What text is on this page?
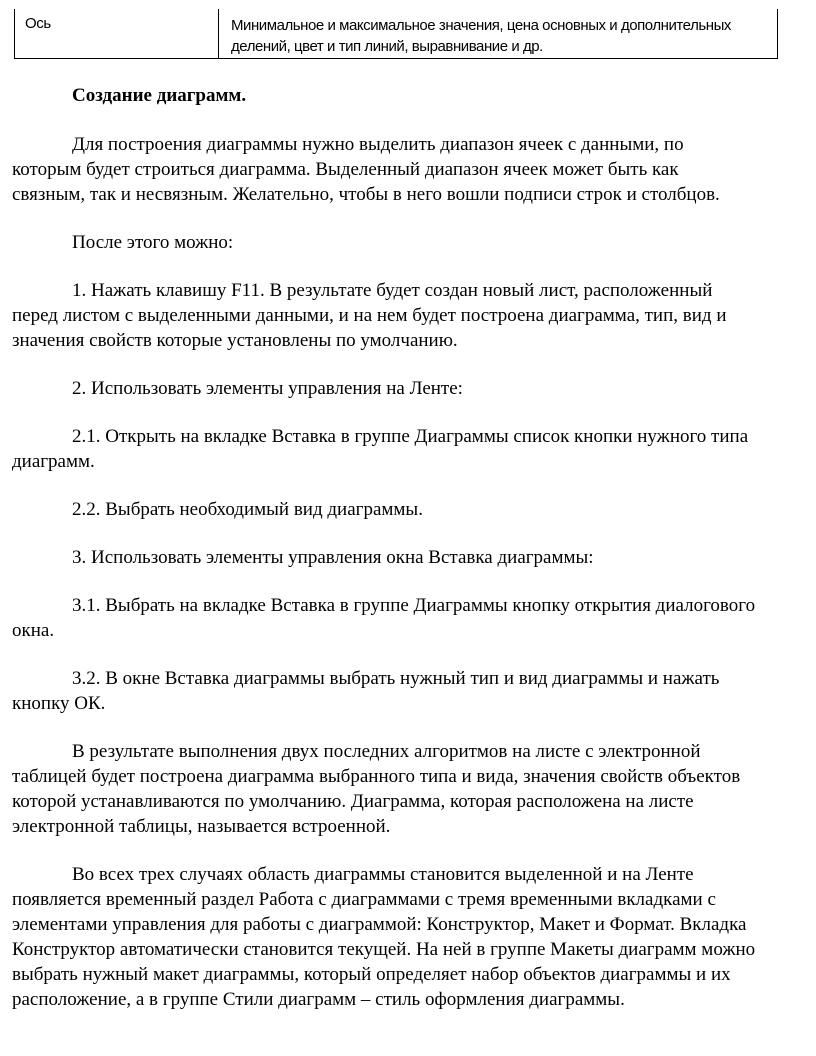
Ось	Минимальное и максимальное значения, цена основных и дополнительных
делений, цвет и тип линий, выравнивание и др.
Создание диаграмм.
Для построения диаграммы нужно выделить диапазон ячеек с данными, по
которым будет строиться диаграмма. Выделенный диапазон ячеек может быть как
связным, так и несвязным. Желательно, чтобы в него вошли подписи строк и столбцов.
После этого можно:
1. Нажать клавишу F11. В результате будет создан новый лист, расположенный
перед листом с выделенными данными, и на нем будет построена диаграмма, тип, вид и
значения свойств которые установлены по умолчанию.
2. Использовать элементы управления на Ленте:
2.1. Открыть на вкладке Вставка в группе Диаграммы список кнопки нужного типа
диаграмм.
2.2. Выбрать необходимый вид диаграммы.
3. Использовать элементы управления окна Вставка диаграммы:
3.1. Выбрать на вкладке Вставка в группе Диаграммы кнопку открытия диалогового
окна.
3.2. В окне Вставка диаграммы выбрать нужный тип и вид диаграммы и нажать
кнопку ОК.
В результате выполнения двух последних алгоритмов на листе с электронной
таблицей будет построена диаграмма выбранного типа и вида, значения свойств объектов
которой устанавливаются по умолчанию. Диаграмма, которая расположена на листе
электронной таблицы, называется встроенной.
Во всех трех случаях область диаграммы становится выделенной и на Ленте
появляется временный раздел Работа с диаграммами с тремя временными вкладками с
элементами управления для работы с диаграммой: Конструктор, Макет и Формат. Вкладка
Конструктор автоматически становится текущей. На ней в группе Макеты диаграмм можно
выбрать нужный макет диаграммы, который определяет набор объектов диаграммы и их
расположение, а в группе Стили диаграмм – стиль оформления диаграммы.
